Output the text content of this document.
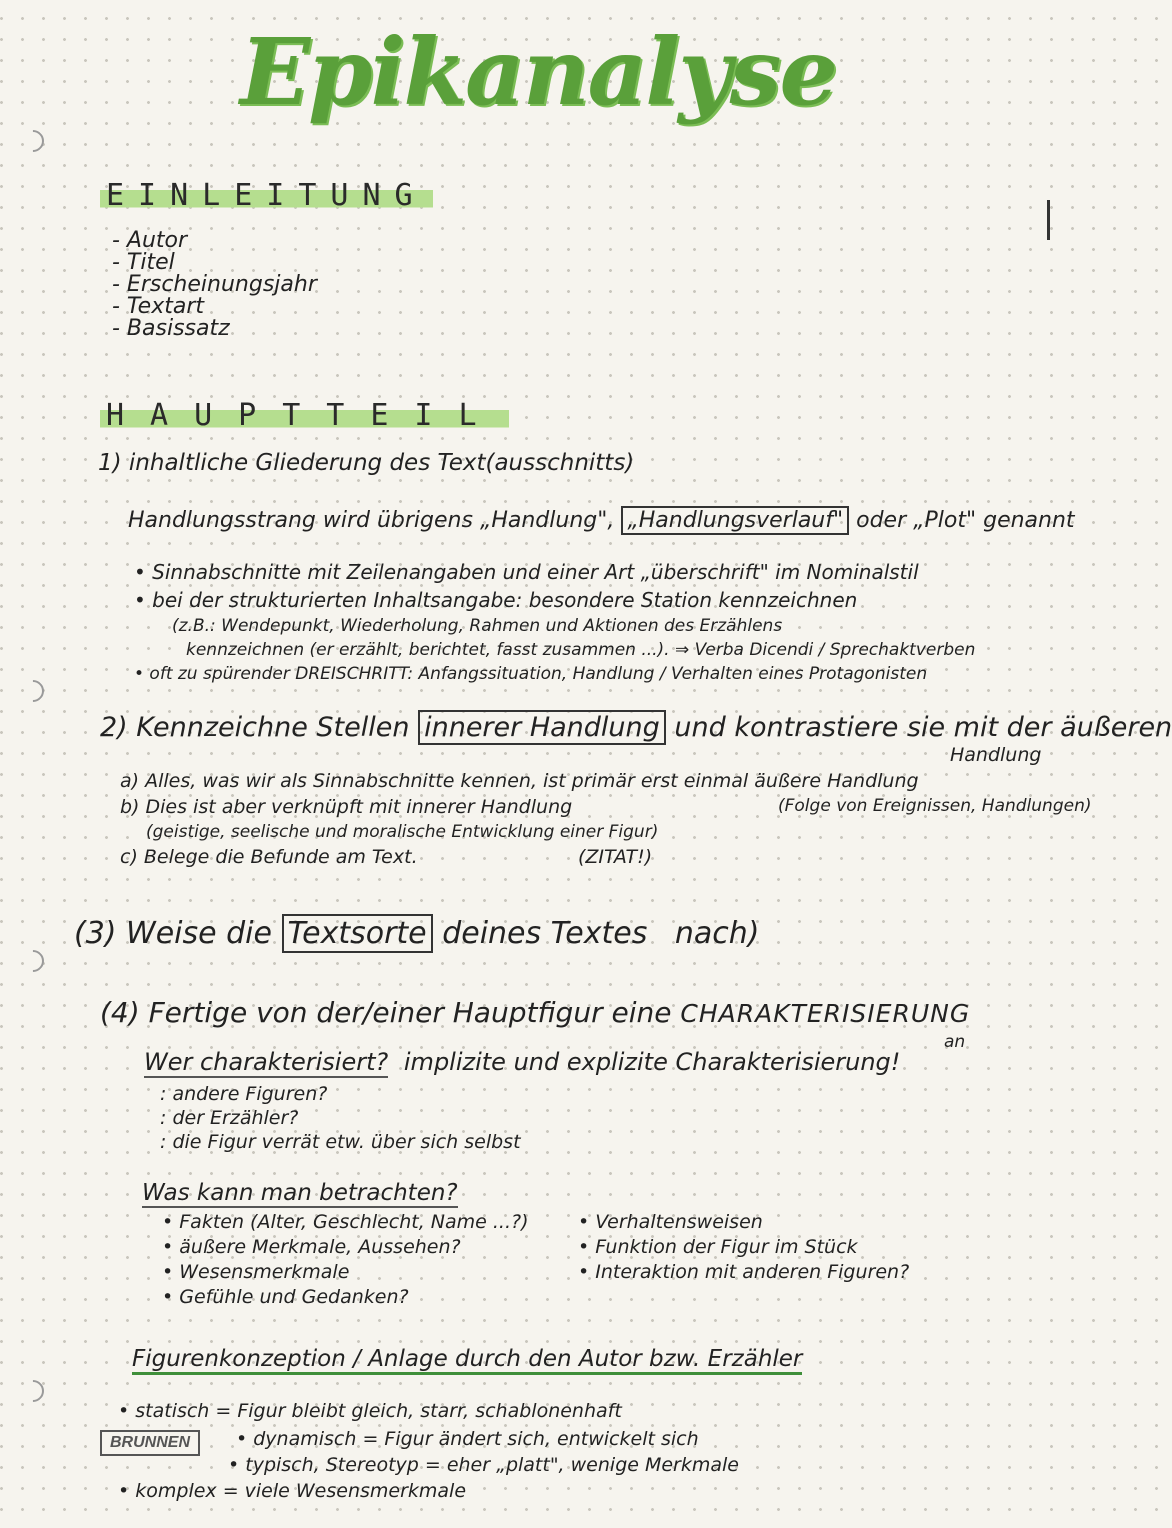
Epikanalyse
EINLEITUNG
- Autor
- Titel
- Erscheinungsjahr
- Textart
- Basissatz
HAUPTTEIL
1) inhaltliche Gliederung des Text(ausschnitts)
Handlungsstrang wird übrigens „Handlung", „Handlungsverlauf" oder „Plot" genannt
• Sinnabschnitte mit Zeilenangaben und einer Art „überschrift" im Nominalstil
• bei der strukturierten Inhaltsangabe: besondere Station kennzeichnen
(z.B.: Wendepunkt, Wiederholung, Rahmen und Aktionen des Erzählens
kennzeichnen (er erzählt, berichtet, fasst zusammen ...). ⇒ Verba Dicendi / Sprechaktverben
• oft zu spürender DREISCHRITT: Anfangssituation, Handlung / Verhalten eines Protagonisten
2) Kennzeichne Stellen innerer Handlung und kontrastiere sie mit der äußeren
Handlung
a) Alles, was wir als Sinnabschnitte kennen, ist primär erst einmal äußere Handlung
(Folge von Ereignissen, Handlungen)
b) Dies ist aber verknüpft mit innerer Handlung
(geistige, seelische und moralische Entwicklung einer Figur)
c) Belege die Befunde am Text.	(ZITAT!)
(3) Weise die Textsorte deines Textes nach)
(4) Fertige von der/einer Hauptfigur eine CHARAKTERISIERUNG
an
Wer charakterisiert? implizite und explizite Charakterisierung!
: andere Figuren?
: der Erzähler?
: die Figur verrät etw. über sich selbst
Was kann man betrachten?
• Fakten (Alter, Geschlecht, Name ...?)
• äußere Merkmale, Aussehen?
• Wesensmerkmale
• Gefühle und Gedanken?
• Verhaltensweisen
• Funktion der Figur im Stück
• Interaktion mit anderen Figuren?
Figurenkonzeption / Anlage durch den Autor bzw. Erzähler
• statisch = Figur bleibt gleich, starr, schablonenhaft
• dynamisch = Figur ändert sich, entwickelt sich
• typisch, Stereotyp = eher „platt", wenige Merkmale
• komplex = viele Wesensmerkmale
BRUNNEN
